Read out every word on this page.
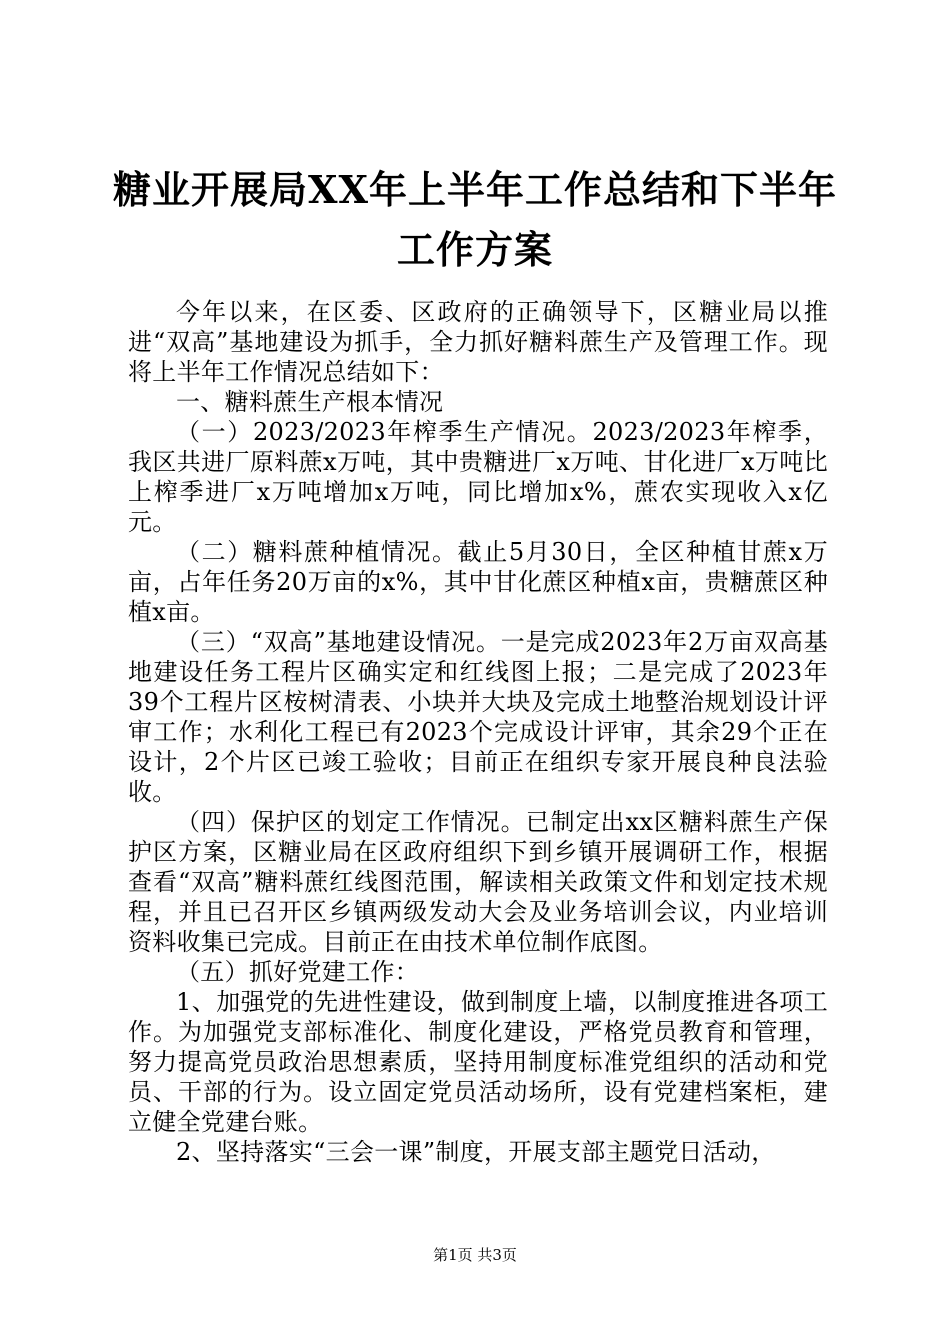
糖业开展局XX年上半年工作总结和下半年工作方案

今年以来，在区委、区政府的正确领导下，区糖业局以推进“双高”基地建设为抓手，全力抓好糖料蔗生产及管理工作。现将上半年工作情况总结如下：

一、糖料蔗生产根本情况

（一）2023/2023年榨季生产情况。2023/2023年榨季，我区共进厂原料蔗x万吨，其中贵糖进厂x万吨、甘化进厂x万吨比上榨季进厂x万吨增加x万吨，同比增加x%，蔗农实现收入x亿元。

（二）糖料蔗种植情况。截止5月30日，全区种植甘蔗x万亩，占年任务20万亩的x%，其中甘化蔗区种植x亩，贵糖蔗区种植x亩。

（三）“双高”基地建设情况。一是完成2023年2万亩双高基地建设任务工程片区确实定和红线图上报；二是完成了2023年39个工程片区桉树清表、小块并大块及完成土地整治规划设计评审工作；水利化工程已有2023个完成设计评审，其余29个正在设计，2个片区已竣工验收；目前正在组织专家开展良种良法验收。

（四）保护区的划定工作情况。已制定出xx区糖料蔗生产保护区方案，区糖业局在区政府组织下到乡镇开展调研工作，根据查看“双高”糖料蔗红线图范围，解读相关政策文件和划定技术规程，并且已召开区乡镇两级发动大会及业务培训会议，内业培训资料收集已完成。目前正在由技术单位制作底图。

（五）抓好党建工作：

1、加强党的先进性建设，做到制度上墙，以制度推进各项工作。为加强党支部标准化、制度化建设，严格党员教育和管理，努力提高党员政治思想素质，坚持用制度标准党组织的活动和党员、干部的行为。设立固定党员活动场所，设有党建档案柜，建立健全党建台账。

2、坚持落实“三会一课”制度，开展支部主题党日活动，

第1页 共3页
